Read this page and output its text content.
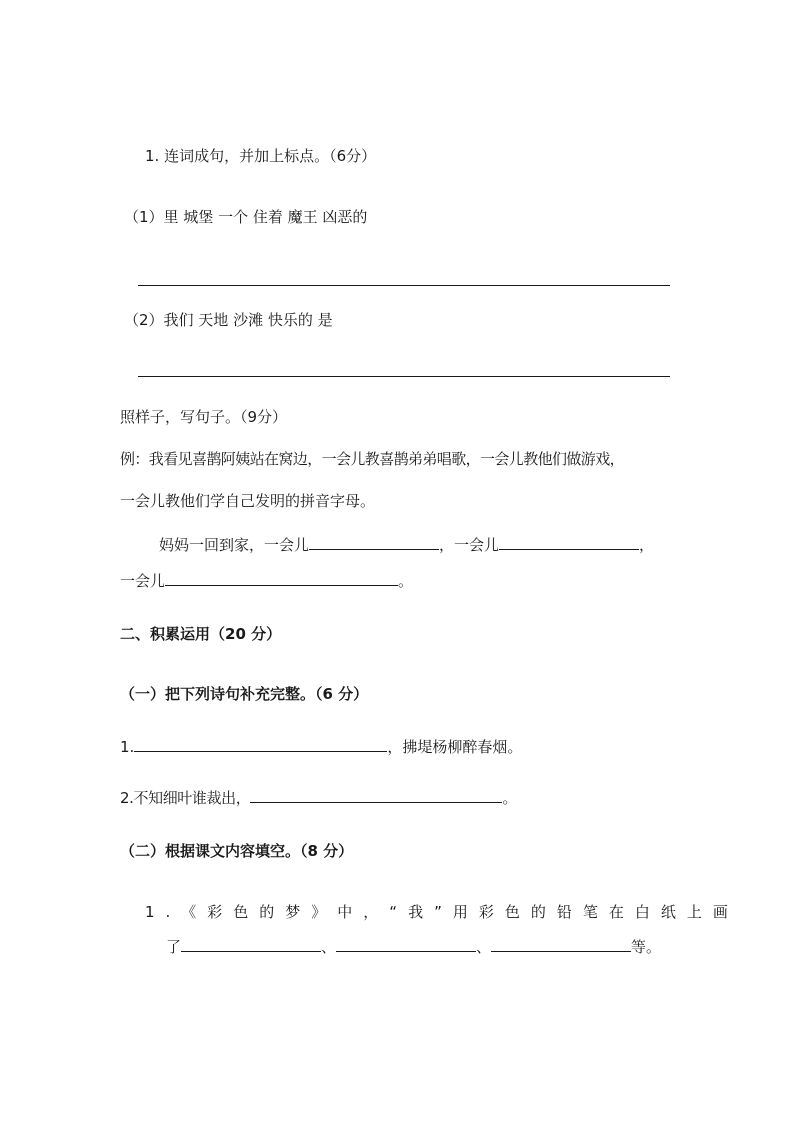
1. 连词成句，并加上标点。（6分）
（1）里 城堡 一个 住着 魔王 凶恶的
（2）我们 天地 沙滩 快乐的 是
照样子，写句子。（9分）
例：我看见喜鹊阿姨站在窝边，一会儿教喜鹊弟弟唱歌，一会儿教他们做游戏，
一会儿教他们学自己发明的拼音字母。
妈妈一回到家，一会儿	，一会儿	，
一会儿	。
二、积累运用（20 分）
（一）把下列诗句补充完整。（6 分）
1.	，拂堤杨柳醉春烟。
2.不知细叶谁裁出，	。
（二）根据课文内容填空。（8 分）
1.《彩色的梦》中，“我”用彩色的铅笔在白纸上画
了	、	、	等。
